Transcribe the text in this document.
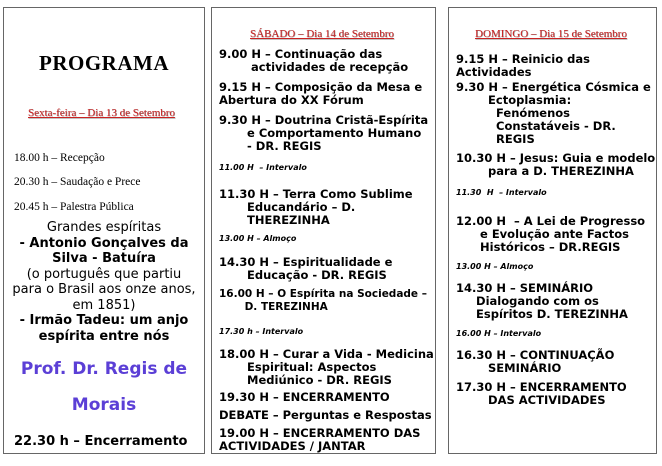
PROGRAMA
Sexta-feira – Dia 13 de Setembro
18.00 h – Recepção
20.30 h – Saudação e Prece
20.45 h – Palestra Pública
Grandes espíritas
- Antonio Gonçalves da
Silva - Batuíra
(o português que partiu
para o Brasil aos onze anos,
em 1851)
- Irmão Tadeu: um anjo
espírita entre nós
Prof. Dr. Regis de
Morais
22.30 h – Encerramento
SÁBADO – Dia 14 de Setembro
9.00 H – Continuação das
actividades de recepção
9.15 H – Composição da Mesa e
Abertura do XX Fórum
9.30 H – Doutrina Cristã-Espírita
e Comportamento Humano
- DR. REGIS
11.00 H  – Intervalo
11.30 H – Terra Como Sublime
Educandário – D.
THEREZINHA
13.00 H – Almoço
14.30 H – Espiritualidade e
Educação - DR. REGIS
16.00 H – O Espírita na Sociedade –
D. TEREZINHA
17.30 h – Intervalo
18.00 H – Curar a Vida - Medicina
Espiritual: Aspectos
Mediúnico - DR. REGIS
19.30 H – ENCERRAMENTO
DEBATE – Perguntas e Respostas
19.00 H – ENCERRAMENTO DAS
ACTIVIDADES / JANTAR
DOMINGO – Dia 15 de Setembro
9.15 H – Reinicio das
Actividades
9.30 H – Energética Cósmica e
Ectoplasmia:
Fenómenos
Constatáveis - DR.
REGIS
10.30 H – Jesus: Guia e modelo
para a D. THEREZINHA
11.30  H  – Intervalo
12.00 H  – A Lei de Progresso
e Evolução ante Factos
Históricos – DR.REGIS
13.00 H – Almoço
14.30 H – SEMINÁRIO
Dialogando com os
Espíritos D. TEREZINHA
16.00 H – Intervalo
16.30 H – CONTINUAÇÃO
SEMINÁRIO
17.30 H – ENCERRAMENTO
DAS ACTIVIDADES
